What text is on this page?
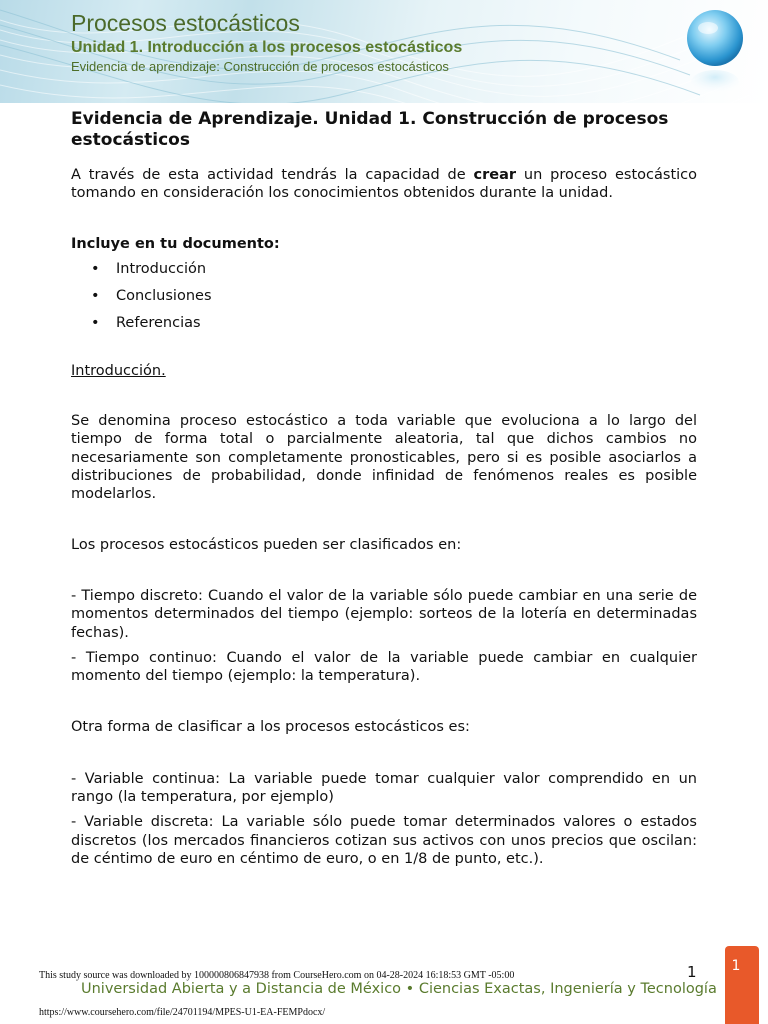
Procesos estocásticos
Unidad 1. Introducción a los procesos estocásticos
Evidencia de aprendizaje: Construcción de procesos estocásticos
Evidencia de Aprendizaje. Unidad 1. Construcción de procesos estocásticos

A través de esta actividad tendrás la capacidad de crear un proceso estocástico tomando en consideración los conocimientos obtenidos durante la unidad.

Incluye en tu documento:
• Introducción
• Conclusiones
• Referencias
Introducción.

Se denomina proceso estocástico a toda variable que evoluciona a lo largo del tiempo de forma total o parcialmente aleatoria, tal que dichos cambios no necesariamente son completamente pronosticables, pero si es posible asociarlos a distribuciones de probabilidad, donde infinidad de fenómenos reales es posible modelarlos.

Los procesos estocásticos pueden ser clasificados en:

- Tiempo discreto: Cuando el valor de la variable sólo puede cambiar en una serie de momentos determinados del tiempo (ejemplo: sorteos de la lotería en determinadas fechas).

- Tiempo continuo: Cuando el valor de la variable puede cambiar en cualquier momento del tiempo (ejemplo: la temperatura).

Otra forma de clasificar a los procesos estocásticos es:

- Variable continua: La variable puede tomar cualquier valor comprendido en un rango (la temperatura, por ejemplo)

- Variable discreta: La variable sólo puede tomar determinados valores o estados discretos (los mercados financieros cotizan sus activos con unos precios que oscilan: de céntimo de euro en céntimo de euro, o en 1/8 de punto, etc.).

1
This study source was downloaded by 100000806847938 from CourseHero.com on 04-28-2024 16:18:53 GMT -05:00
Universidad Abierta y a Distancia de México • Ciencias Exactas, Ingeniería y Tecnología
https://www.coursehero.com/file/24701194/MPES-U1-EA-FEMPdocx/
1
